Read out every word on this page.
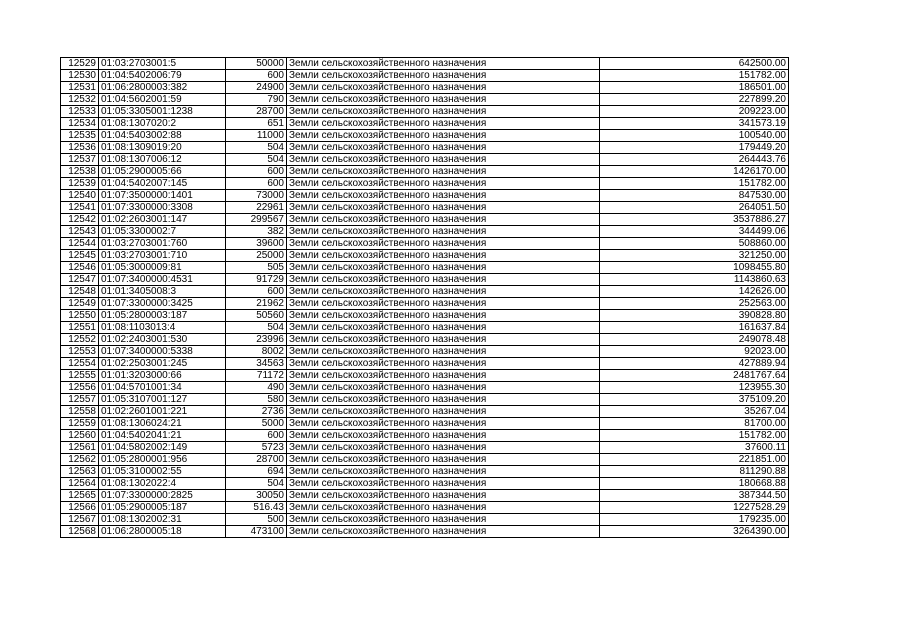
12529	01:03:2703001:5	50000	Земли сельскохозяйственного назначения	642500.00
12530	01:04:5402006:79	600	Земли сельскохозяйственного назначения	151782.00
12531	01:06:2800003:382	24900	Земли сельскохозяйственного назначения	186501.00
12532	01:04:5602001:59	790	Земли сельскохозяйственного назначения	227899.20
12533	01:05:3305001:1238	28700	Земли сельскохозяйственного назначения	209223.00
12534	01:08:1307020:2	651	Земли сельскохозяйственного назначения	341573.19
12535	01:04:5403002:88	11000	Земли сельскохозяйственного назначения	100540.00
12536	01:08:1309019:20	504	Земли сельскохозяйственного назначения	179449.20
12537	01:08:1307006:12	504	Земли сельскохозяйственного назначения	264443.76
12538	01:05:2900005:66	600	Земли сельскохозяйственного назначения	1426170.00
12539	01:04:5402007:145	600	Земли сельскохозяйственного назначения	151782.00
12540	01:07:3500000:1401	73000	Земли сельскохозяйственного назначения	847530.00
12541	01:07:3300000:3308	22961	Земли сельскохозяйственного назначения	264051.50
12542	01:02:2603001:147	299567	Земли сельскохозяйственного назначения	3537886.27
12543	01:05:3300002:7	382	Земли сельскохозяйственного назначения	344499.06
12544	01:03:2703001:760	39600	Земли сельскохозяйственного назначения	508860.00
12545	01:03:2703001:710	25000	Земли сельскохозяйственного назначения	321250.00
12546	01:05:3000009:81	505	Земли сельскохозяйственного назначения	1098455.80
12547	01:07:3400000:4531	91729	Земли сельскохозяйственного назначения	1143860.63
12548	01:01:3405008:3	600	Земли сельскохозяйственного назначения	142626.00
12549	01:07:3300000:3425	21962	Земли сельскохозяйственного назначения	252563.00
12550	01:05:2800003:187	50560	Земли сельскохозяйственного назначения	390828.80
12551	01:08:1103013:4	504	Земли сельскохозяйственного назначения	161637.84
12552	01:02:2403001:530	23996	Земли сельскохозяйственного назначения	249078.48
12553	01:07:3400000:5338	8002	Земли сельскохозяйственного назначения	92023.00
12554	01:02:2503001:245	34563	Земли сельскохозяйственного назначения	427889.94
12555	01:01:3203000:66	71172	Земли сельскохозяйственного назначения	2481767.64
12556	01:04:5701001:34	490	Земли сельскохозяйственного назначения	123955.30
12557	01:05:3107001:127	580	Земли сельскохозяйственного назначения	375109.20
12558	01:02:2601001:221	2736	Земли сельскохозяйственного назначения	35267.04
12559	01:08:1306024:21	5000	Земли сельскохозяйственного назначения	81700.00
12560	01:04:5402041:21	600	Земли сельскохозяйственного назначения	151782.00
12561	01:04:5802002:149	5723	Земли сельскохозяйственного назначения	37600.11
12562	01:05:2800001:956	28700	Земли сельскохозяйственного назначения	221851.00
12563	01:05:3100002:55	694	Земли сельскохозяйственного назначения	811290.88
12564	01:08:1302022:4	504	Земли сельскохозяйственного назначения	180668.88
12565	01:07:3300000:2825	30050	Земли сельскохозяйственного назначения	387344.50
12566	01:05:2900005:187	516.43	Земли сельскохозяйственного назначения	1227528.29
12567	01:08:1302002:31	500	Земли сельскохозяйственного назначения	179235.00
12568	01:06:2800005:18	473100	Земли сельскохозяйственного назначения	3264390.00
